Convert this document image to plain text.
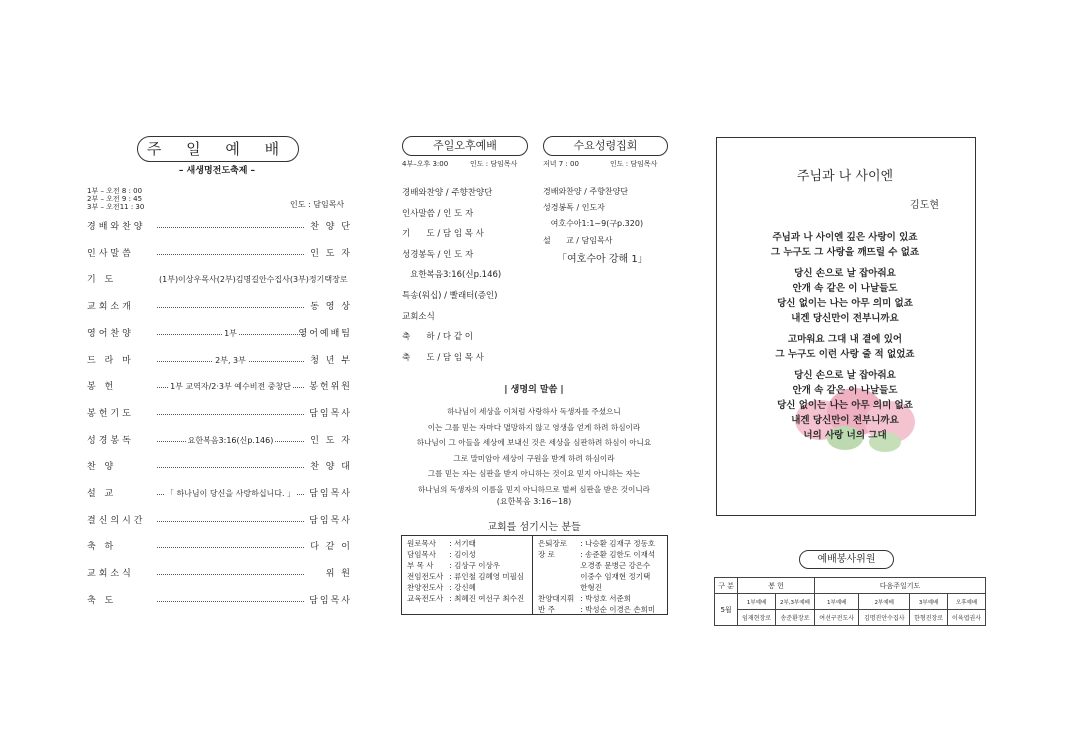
주 일 예 배
– 새생명전도축제 –
1부 – 오전 8 : 00
2부 – 오전 9 : 45
3부 – 오전11 : 30	인도 : 담임목사
경배와찬양	찬 양 단
인사말씀	인 도 자
기 도	(1부)이상우목사(2부)김명길안수집사(3부)정기택장로
교회소개	동 영 상
영어찬양	1부	영어예배팀
드 라 마	2부, 3부	청 년 부
봉 헌	1부 교역자/2·3부 예수비전 중창단	봉헌위원
봉헌기도	담임목사
성경봉독	요한복음3:16(신p.146)	인 도 자
찬 양	찬 양 대
설 교	「 하나님이 당신을 사랑하십니다. 」	담임목사
결신의시간	담임목사
축 하	다 같 이
교회소식	위 원
축 도	담임목사
주일오후예배
4부–오후 3:00	인도 : 담임목사
경배와찬양 / 주향찬양단
인사말씀 / 인 도 자
기      도 / 담 임 목 사
성경봉독 / 인 도 자
요한복음3:16(신p.146)
특송(워십) / 빨래터(증인)
교회소식
축      하 / 다 같 이
축      도 / 담 임 목 사
수요성령집회
저녁 7 : 00	인도 : 담임목사
경배와찬양 / 주향찬양단
성경봉독 / 인도자
여호수아1:1~9(구p.320)
설      교 / 담임목사
「여호수아 강해 1」
| 생명의 말씀 |
하나님이 세상을 이처럼 사랑하사 독생자를 주셨으니
이는 그를 믿는 자마다 멸망하지 않고 영생을 얻게 하려 하심이라
하나님이 그 아들을 세상에 보내신 것은 세상을 심판하려 하심이 아니요
그로 말미암아 세상이 구원을 받게 하려 하심이라
그를 믿는 자는 심판을 받지 아니하는 것이요 믿지 아니하는 자는
하나님의 독생자의 이름을 믿지 아니하므로 벌써 심판을 받은 것이니라
(요한복음 3:16~18)
교회를 섬기시는 분들
원로목사	: 서기태
담임목사	: 김이성
부 목 사	: 김상구 이상우
전임전도사	: 류인철 김혜영 미필심
찬양전도사	: 강신혜
교육전도사	: 최혜진 여선구 최수진
은퇴장로	: 나승환 김재구 정동호
장 로	: 송준환 김한도 이재석
	오경종 문병근 강은수
	이중수 임재현 정기택
	한형진
찬양대지휘	: 박성호 서준희
반 주	: 박성순 이경은 손희미
주님과 나 사이엔
김도현
주님과 나 사이엔 깊은 사랑이 있죠
그 누구도 그 사랑을 깨뜨릴 수 없죠
당신 손으로 날 잡아줘요
안개 속 같은 이 나날들도
당신 없이는 나는 아무 의미 없죠
내겐 당신만이 전부니까요
고마워요 그대 내 곁에 있어
그 누구도 이런 사랑 줄 적 없었죠
당신 손으로 날 잡아줘요
안개 속 같은 이 나날들도
당신 없이는 나는 아무 의미 없죠
내겐 당신만이 전부니까요
너의 사랑 너의 그대
예배봉사위원
구 분	봉 헌		다음주일기도			
5월	1부예배	2부,3부예배	1부예배	2부예배	3부예배	오후예배
	임재현장로	송준환장로	여선구전도사	김명진안수집사	한형진장로	이육엽권사
